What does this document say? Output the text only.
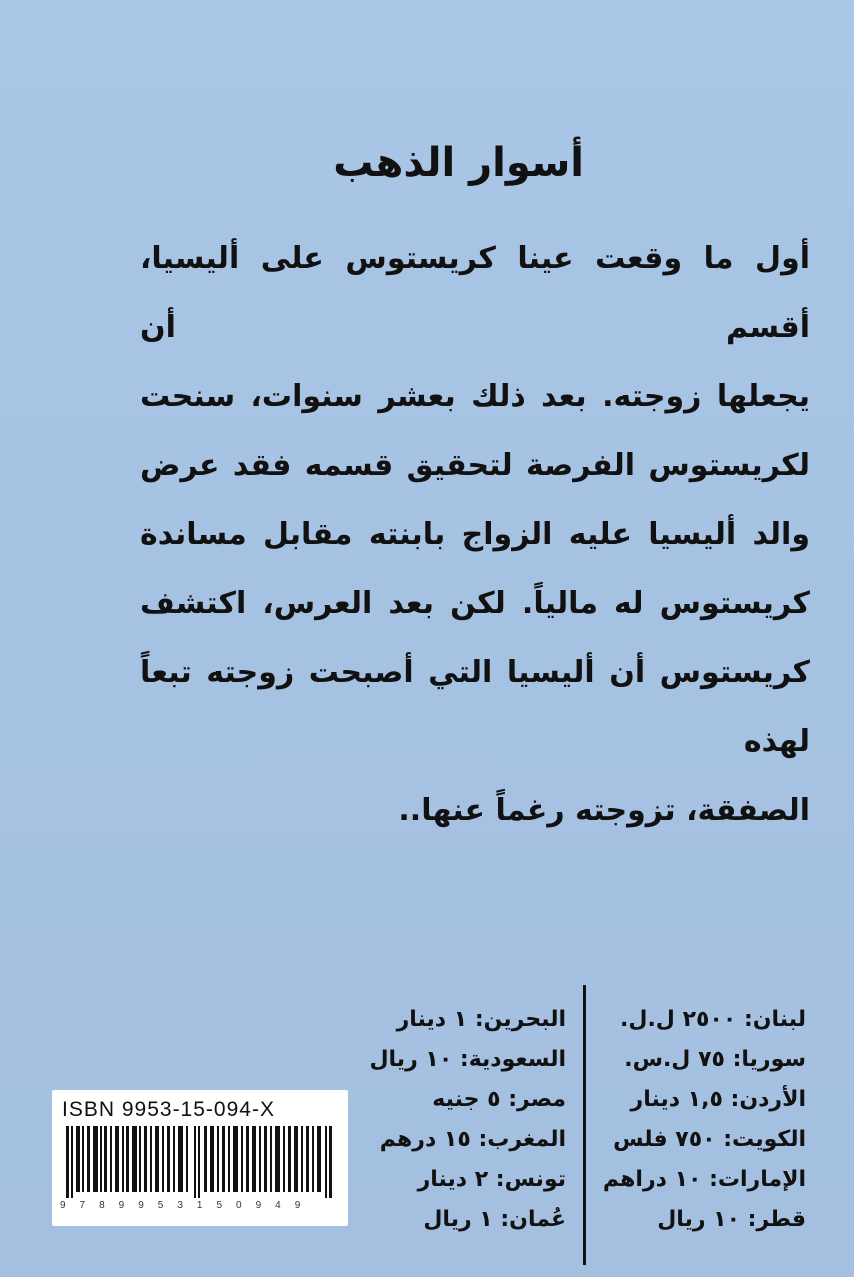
أسوار الذهب
أول ما وقعت عينا كريستوس على أليسيا، أقسم أن
يجعلها زوجته. بعد ذلك بعشر سنوات، سنحت
لكريستوس الفرصة لتحقيق قسمه فقد عرض
والد أليسيا عليه الزواج بابنته مقابل مساندة
كريستوس له مالياً. لكن بعد العرس، اكتشف
كريستوس أن أليسيا التي أصبحت زوجته تبعاً لهذه
الصفقة، تزوجته رغماً عنها..
لبنان: ٢٥٠٠ ل.ل.
سوريا: ٧٥ ل.س.
الأردن: ١,٥ دينار
الكويت: ٧٥٠ فلس
الإمارات: ١٠ دراهم
قطر: ١٠ ريال
البحرين: ١ دينار
السعودية: ١٠ ريال
مصر: ٥ جنيه
المغرب: ١٥ درهم
تونس: ٢ دينار
عُمان: ١ ريال
ISBN 9953-15-094-X
9789953150949
